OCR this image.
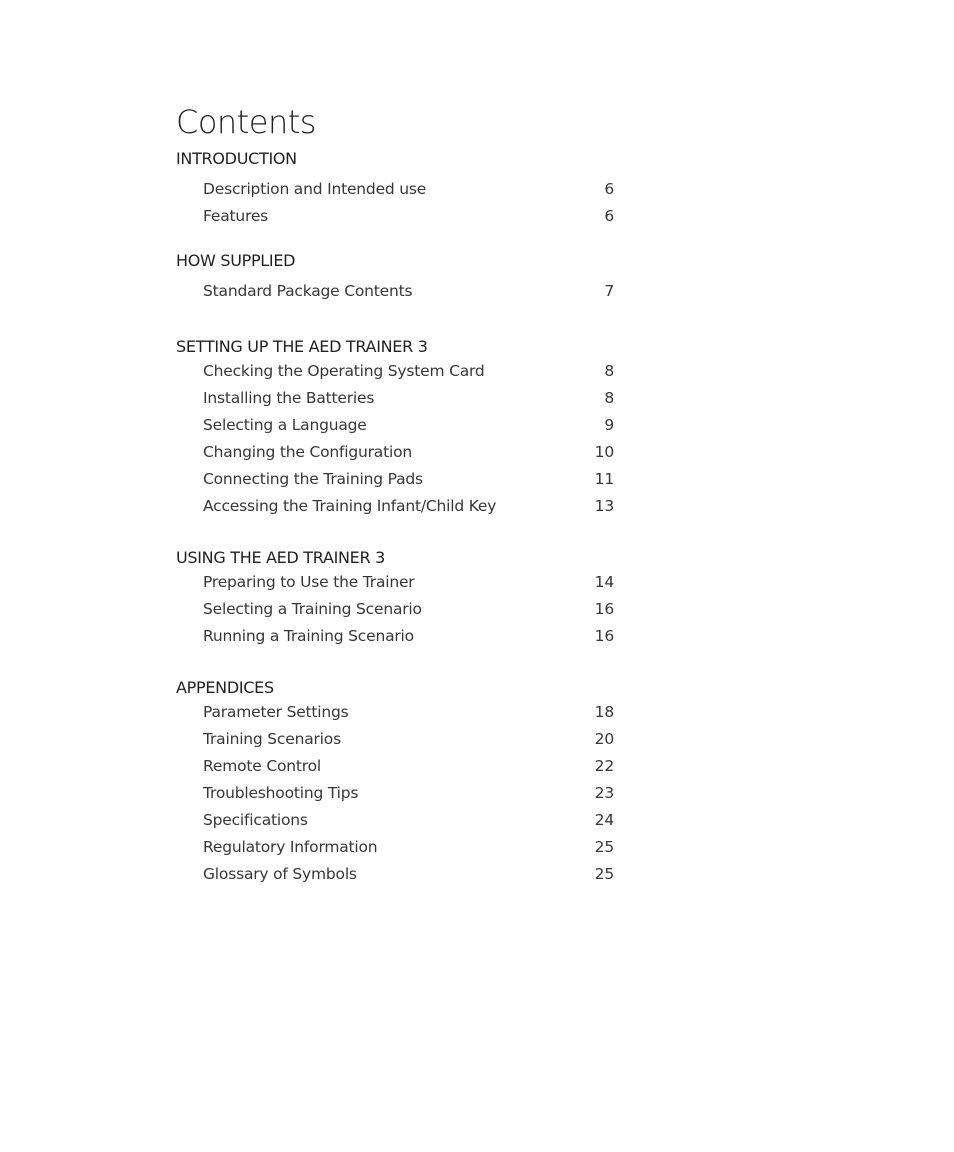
Contents
INTRODUCTION
Description and Intended use	6
Features	6
HOW SUPPLIED
Standard Package Contents	7
SETTING UP THE AED TRAINER 3
Checking the Operating System Card	8
Installing the Batteries	8
Selecting a Language	9
Changing the Configuration	10
Connecting the Training Pads	11
Accessing the Training Infant/Child Key	13
USING THE AED TRAINER 3
Preparing to Use the Trainer	14
Selecting a Training Scenario	16
Running a Training Scenario	16
APPENDICES
Parameter Settings	18
Training Scenarios	20
Remote Control	22
Troubleshooting Tips	23
Specifications	24
Regulatory Information	25
Glossary of Symbols	25
